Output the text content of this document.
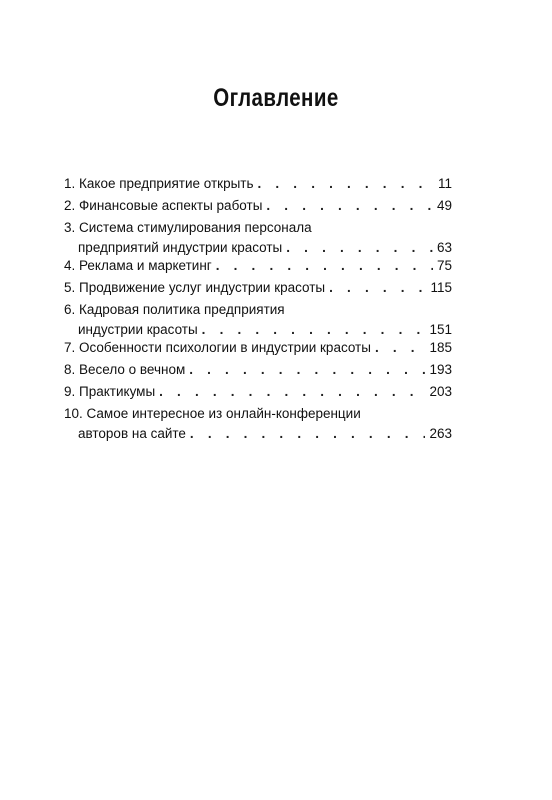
Оглавление
1. Какое предприятие открыть . . .	11
2. Финансовые аспекты работы . . .	49
3. Система стимулирования персонала
предприятий индустрии красоты . . .	63
4. Реклама и маркетинг . . .	75
5. Продвижение услуг индустрии красоты . . .	115
6. Кадровая политика предприятия
индустрии красоты . . .	151
7. Особенности психологии в индустрии красоты . . .	185
8. Весело о вечном . . .	193
9. Практикумы . . .	203
10. Самое интересное из онлайн-конференции
авторов на сайте . . .	263
